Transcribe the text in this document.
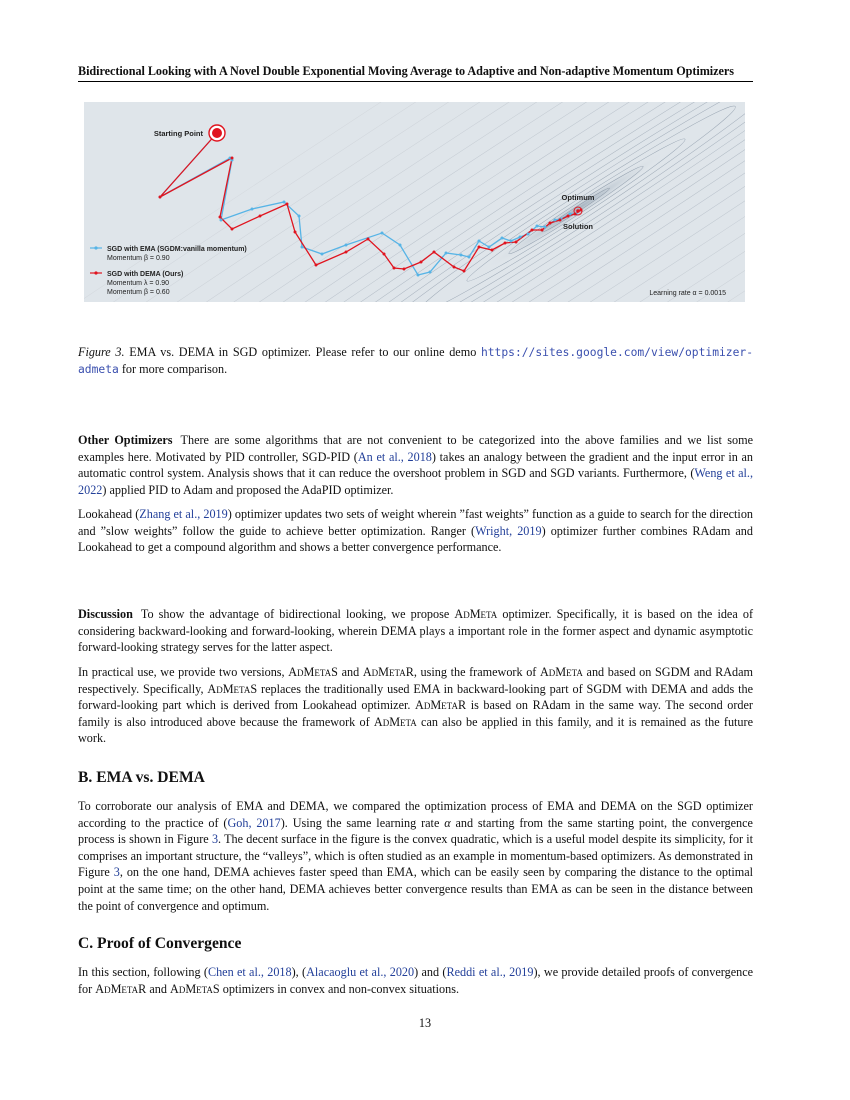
Bidirectional Looking with A Novel Double Exponential Moving Average to Adaptive and Non-adaptive Momentum Optimizers
Starting Point
Optimum
Solution
SGD with EMA (SGDM:vanilla momentum)
Momentum β = 0.90
SGD with DEMA (Ours)
Momentum λ = 0.90
Momentum β = 0.60	Learning rate α = 0.0015
Figure 3. EMA vs. DEMA in SGD optimizer. Please refer to our online demo https://sites.google.com/view/optimizer-admeta for more comparison.

Other Optimizers There are some algorithms that are not convenient to be categorized into the above families and we list some examples here. Motivated by PID controller, SGD-PID (An et al., 2018) takes an analogy between the gradient and the input error in an automatic control system. Analysis shows that it can reduce the overshoot problem in SGD and SGD variants. Furthermore, (Weng et al., 2022) applied PID to Adam and proposed the AdaPID optimizer.

Lookahead (Zhang et al., 2019) optimizer updates two sets of weight wherein ”fast weights” function as a guide to search for the direction and ”slow weights” follow the guide to achieve better optimization. Ranger (Wright, 2019) optimizer further combines RAdam and Lookahead to get a compound algorithm and shows a better convergence performance.

Discussion To show the advantage of bidirectional looking, we propose AdMeta optimizer. Specifically, it is based on the idea of considering backward-looking and forward-looking, wherein DEMA plays a important role in the former aspect and dynamic asymptotic forward-looking strategy serves for the latter aspect.

In practical use, we provide two versions, AdMetaS and AdMetaR, using the framework of AdMeta and based on SGDM and RAdam respectively. Specifically, AdMetaS replaces the traditionally used EMA in backward-looking part of SGDM with DEMA and adds the forward-looking part which is derived from Lookahead optimizer. AdMetaR is based on RAdam in the same way. The second order family is also introduced above because the framework of AdMeta can also be applied in this family, and it is remained as the future work.

B. EMA vs. DEMA

To corroborate our analysis of EMA and DEMA, we compared the optimization process of EMA and DEMA on the SGD optimizer according to the practice of (Goh, 2017). Using the same learning rate α and starting from the same starting point, the convergence process is shown in Figure 3. The decent surface in the figure is the convex quadratic, which is a useful model despite its simplicity, for it comprises an important structure, the “valleys”, which is often studied as an example in momentum-based optimizers. As demonstrated in Figure 3, on the one hand, DEMA achieves faster speed than EMA, which can be easily seen by comparing the distance to the optimal point at the same time; on the other hand, DEMA achieves better convergence results than EMA as can be seen in the distance between the point of convergence and optimum.

C. Proof of Convergence

In this section, following (Chen et al., 2018), (Alacaoglu et al., 2020) and (Reddi et al., 2019), we provide detailed proofs of convergence for AdMetaR and AdMetaS optimizers in convex and non-convex situations.

13
